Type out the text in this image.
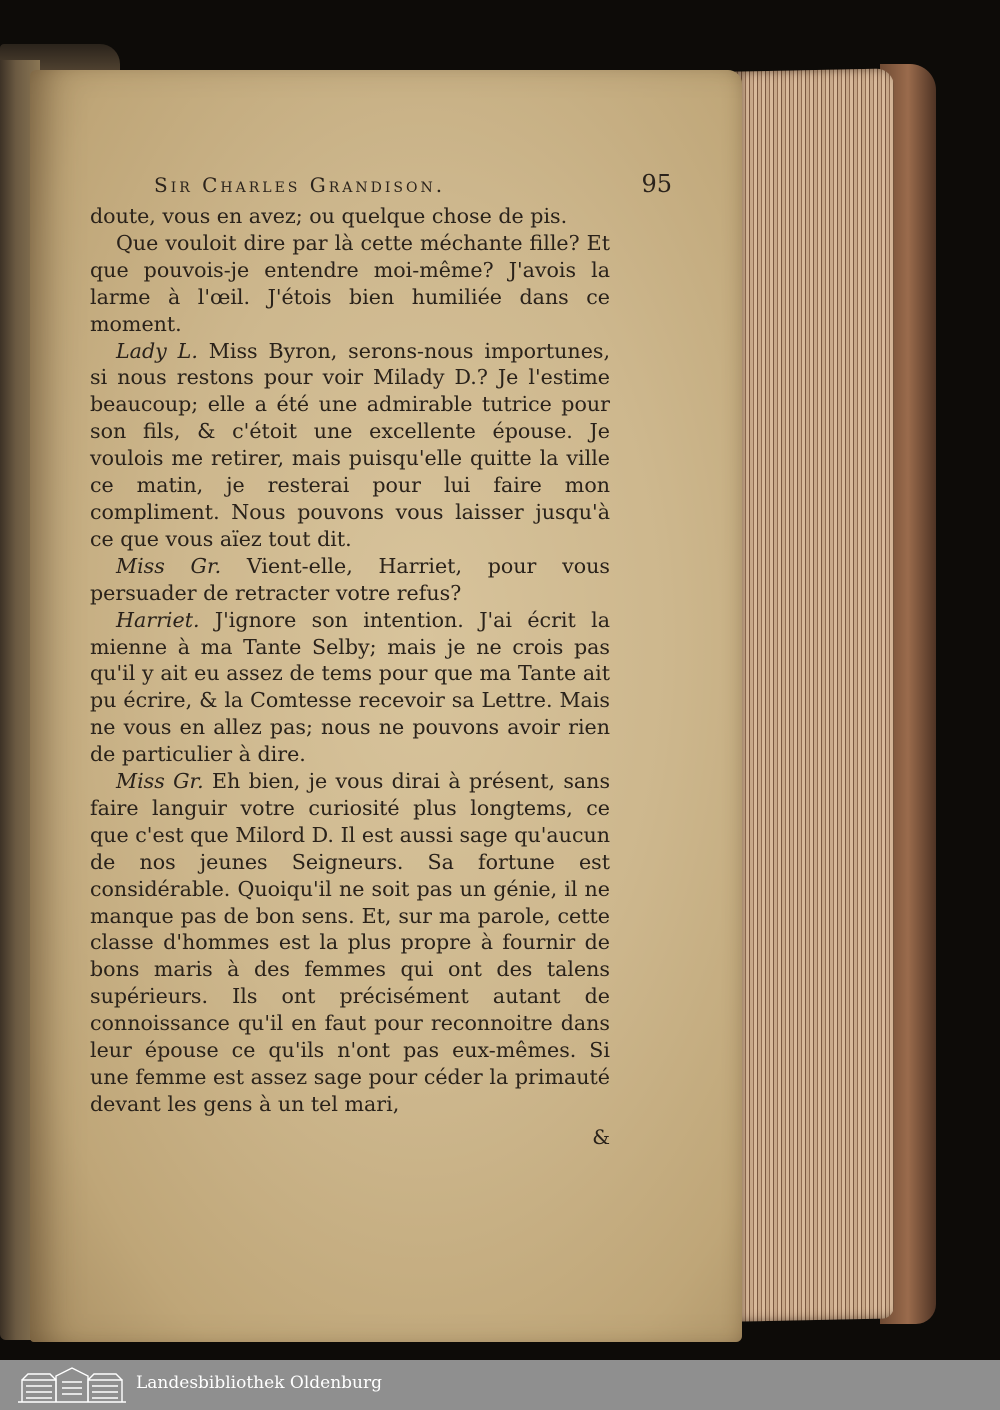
Sir Charles Grandison.	95

doute, vous en avez; ou quelque chose de pis.

Que vouloit dire par là cette méchante fille? Et que pouvois-je entendre moi-même? J'avois la larme à l'œil. J'étois bien humiliée dans ce moment.

Lady L. Miss Byron, serons-nous importunes, si nous restons pour voir Milady D.? Je l'estime beaucoup; elle a été une admirable tutrice pour son fils, & c'étoit une excellente épouse. Je voulois me retirer, mais puisqu'elle quitte la ville ce matin, je resterai pour lui faire mon compliment. Nous pouvons vous laisser jusqu'à ce que vous aïez tout dit.

Miss Gr. Vient-elle, Harriet, pour vous persuader de retracter votre refus?

Harriet. J'ignore son intention. J'ai écrit la mienne à ma Tante Selby; mais je ne crois pas qu'il y ait eu assez de tems pour que ma Tante ait pu écrire, & la Comtesse recevoir sa Lettre. Mais ne vous en allez pas; nous ne pouvons avoir rien de particulier à dire.

Miss Gr. Eh bien, je vous dirai à présent, sans faire languir votre curiosité plus longtems, ce que c'est que Milord D. Il est aussi sage qu'aucun de nos jeunes Seigneurs. Sa fortune est considérable. Quoiqu'il ne soit pas un génie, il ne manque pas de bon sens. Et, sur ma parole, cette classe d'hommes est la plus propre à fournir de bons maris à des femmes qui ont des talens supérieurs. Ils ont précisément autant de connoissance qu'il en faut pour reconnoitre dans leur épouse ce qu'ils n'ont pas eux-mêmes. Si une femme est assez sage pour céder la primauté devant les gens à un tel mari,

&
Landesbibliothek Oldenburg
